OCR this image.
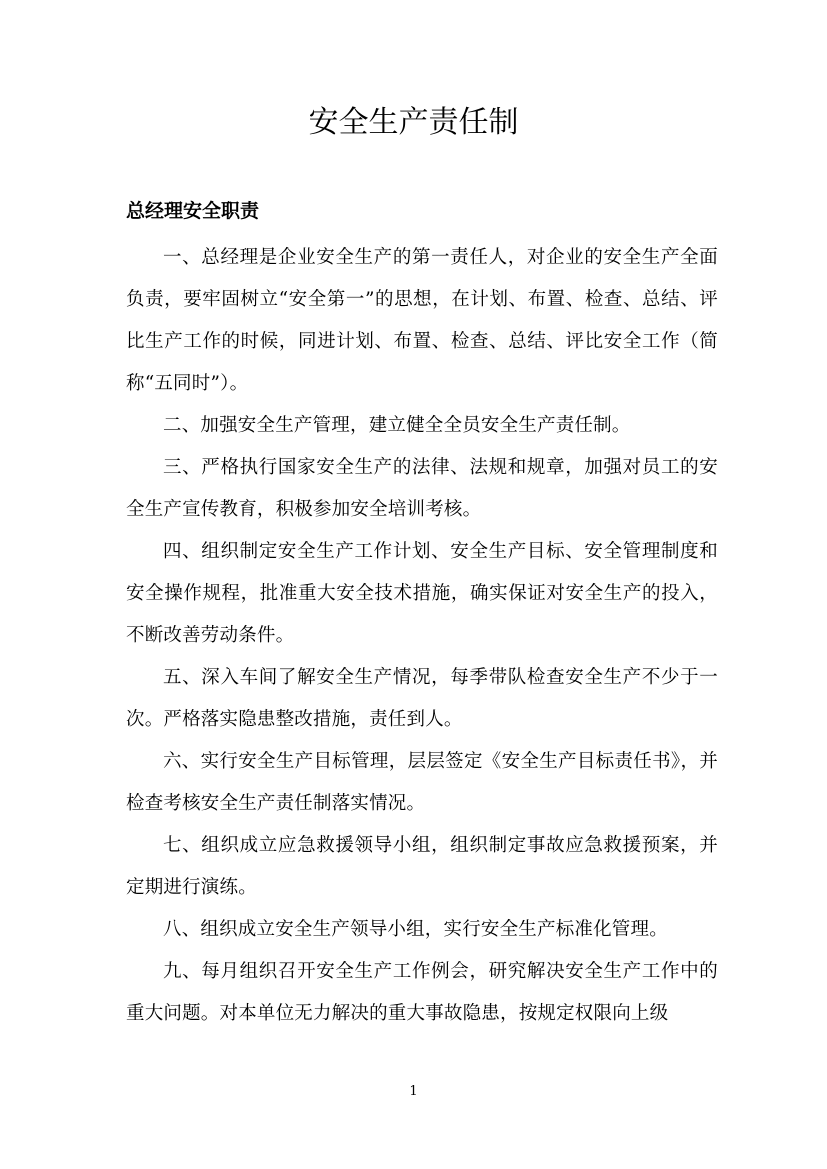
安全生产责任制
总经理安全职责

一、总经理是企业安全生产的第一责任人，对企业的安全生产全面负责，要牢固树立“安全第一”的思想，在计划、布置、检查、总结、评比生产工作的时候，同进计划、布置、检查、总结、评比安全工作（简称“五同时”）。

二、加强安全生产管理，建立健全全员安全生产责任制。

三、严格执行国家安全生产的法律、法规和规章，加强对员工的安全生产宣传教育，积极参加安全培训考核。

四、组织制定安全生产工作计划、安全生产目标、安全管理制度和安全操作规程，批准重大安全技术措施，确实保证对安全生产的投入，不断改善劳动条件。

五、深入车间了解安全生产情况，每季带队检查安全生产不少于一次。严格落实隐患整改措施，责任到人。

六、实行安全生产目标管理，层层签定《安全生产目标责任书》，并检查考核安全生产责任制落实情况。

七、组织成立应急救援领导小组，组织制定事故应急救援预案，并定期进行演练。

八、组织成立安全生产领导小组，实行安全生产标准化管理。

九、每月组织召开安全生产工作例会，研究解决安全生产工作中的重大问题。对本单位无力解决的重大事故隐患，按规定权限向上级

1
